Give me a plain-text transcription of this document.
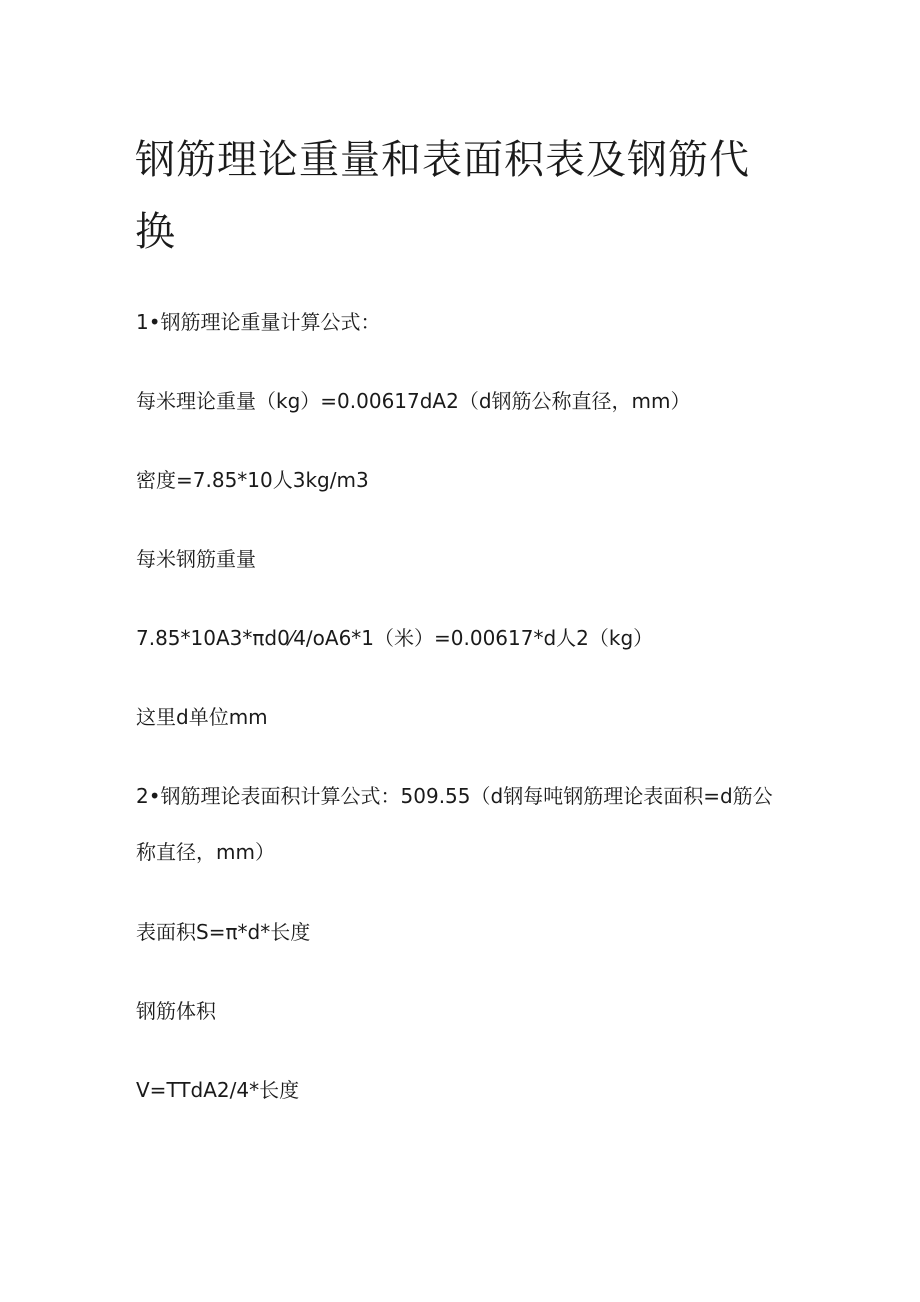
钢筋理论重量和表面积表及钢筋代换

1•钢筋理论重量计算公式：

每米理论重量（kg）=0.00617dA2（d钢筋公称直径，mm）

密度=7.85*10人3kg/m3

每米钢筋重量

7.85*10A3*πd0⁄4∕oA6*1（米）=0.00617*d人2（kg）

这里d单位mm

2•钢筋理论表面积计算公式：509.55（d钢每吨钢筋理论表面积=d筋公称直径，mm）

表面积S=π*d*长度

钢筋体积

V=TTdA2/4*长度
